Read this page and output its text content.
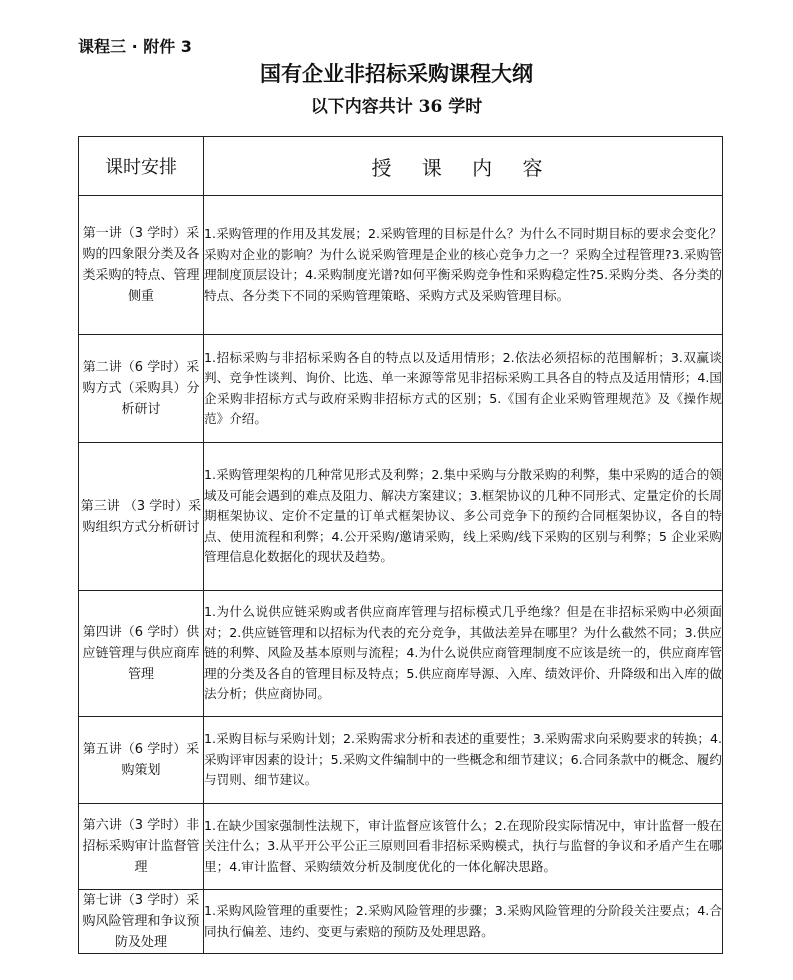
课程三 · 附件 3
国有企业非招标采购课程大纲
以下内容共计 36 学时
课时安排	授 课 内 容
第一讲（3 学时）采购的四象限分类及各类采购的特点、管理侧重	1.采购管理的作用及其发展；2.采购管理的目标是什么？为什么不同时期目标的要求会变化？采购对企业的影响？为什么说采购管理是企业的核心竞争力之一？采购全过程管理?3.采购管理制度顶层设计；4.采购制度光谱?如何平衡采购竞争性和采购稳定性?5.采购分类、各分类的特点、各分类下不同的采购管理策略、采购方式及采购管理目标。
第二讲（6 学时）采购方式（采购具）分析研讨	1.招标采购与非招标采购各自的特点以及适用情形；2.依法必须招标的范围解析；3.双赢谈判、竞争性谈判、询价、比选、单一来源等常见非招标采购工具各自的特点及适用情形；4.国企采购非招标方式与政府采购非招标方式的区别；5.《国有企业采购管理规范》及《操作规范》介绍。
第三讲 （3 学时）采购组织方式分析研讨	1.采购管理架构的几种常见形式及利弊；2.集中采购与分散采购的利弊，集中采购的适合的领域及可能会遇到的难点及阻力、解决方案建议；3.框架协议的几种不同形式、定量定价的长周期框架协议、定价不定量的订单式框架协议、多公司竞争下的预约合同框架协议，各自的特点、使用流程和利弊；4.公开采购/邀请采购，线上采购/线下采购的区别与利弊；5 企业采购管理信息化数据化的现状及趋势。
第四讲（6 学时）供应链管理与供应商库管理	1.为什么说供应链采购或者供应商库管理与招标模式几乎绝缘？但是在非招标采购中必须面对；2.供应链管理和以招标为代表的充分竞争，其做法差异在哪里？为什么截然不同；3.供应链的利弊、风险及基本原则与流程；4.为什么说供应商管理制度不应该是统一的，供应商库管理的分类及各自的管理目标及特点；5.供应商库导源、入库、绩效评价、升降级和出入库的做法分析；供应商协同。
第五讲（6 学时）采购策划	1.采购目标与采购计划；2.采购需求分析和表述的重要性；3.采购需求向采购要求的转换；4.采购评审因素的设计；5.采购文件编制中的一些概念和细节建议；6.合同条款中的概念、履约与罚则、细节建议。
第六讲（3 学时）非招标采购审计监督管理	1.在缺少国家强制性法规下，审计监督应该管什么；2.在现阶段实际情况中，审计监督一般在关注什么；3.从平开公平公正三原则回看非招标采购模式，执行与监督的争议和矛盾产生在哪里；4.审计监督、采购绩效分析及制度优化的一体化解决思路。
第七讲（3 学时）采购风险管理和争议预防及处理	1.采购风险管理的重要性；2.采购风险管理的步骤；3.采购风险管理的分阶段关注要点；4.合同执行偏差、违约、变更与索赔的预防及处理思路。
